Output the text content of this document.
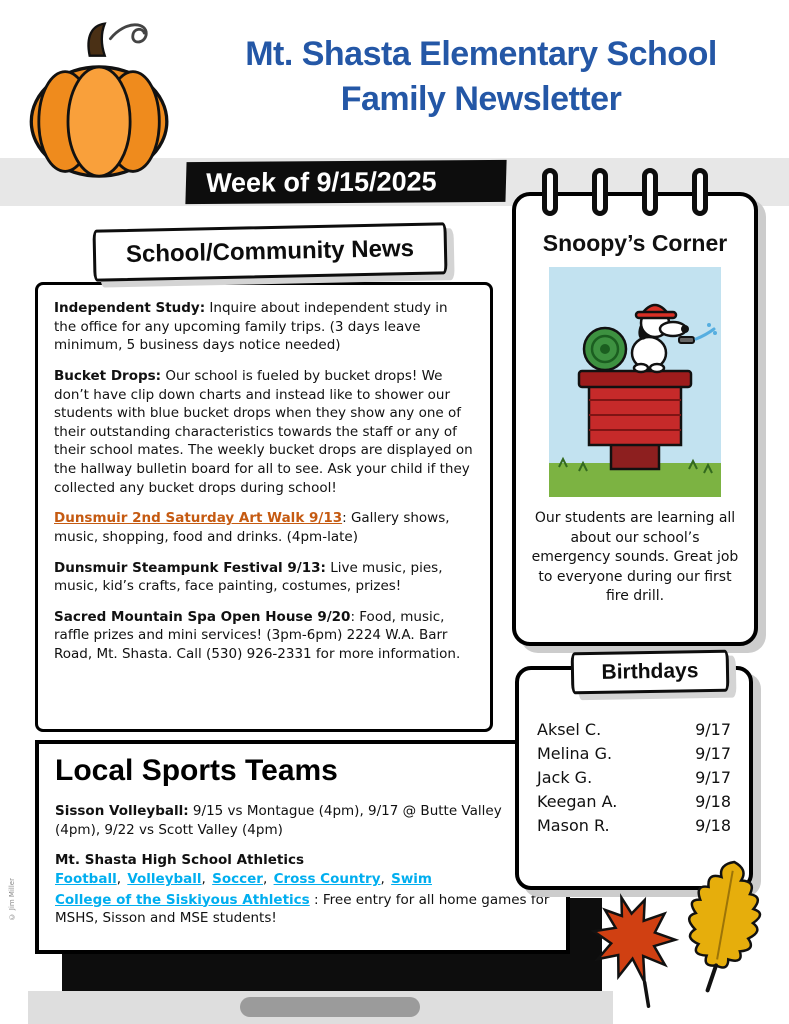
Mt. Shasta Elementary School
Family Newsletter
Week of 9/15/2025
School/Community News

Independent Study: Inquire about independent study in the office for any upcoming family trips. (3 days leave minimum, 5 business days notice needed)

Bucket Drops: Our school is fueled by bucket drops! We don’t have clip down charts and instead like to shower our students with blue bucket drops when they show any one of their outstanding characteristics towards the staff or any of their school mates. The weekly bucket drops are displayed on the hallway bulletin board for all to see. Ask your child if they collected any bucket drops during school!

Dunsmuir 2nd Saturday Art Walk 9/13: Gallery shows, music, shopping, food and drinks. (4pm-late)

Dunsmuir Steampunk Festival 9/13: Live music, pies, music, kid’s crafts, face painting, costumes, prizes!

Sacred Mountain Spa Open House 9/20: Food, music, raffle prizes and mini services! (3pm-6pm) 2224 W.A. Barr Road, Mt. Shasta. Call (530) 926-2331 for more information.

Local Sports Teams

Sisson Volleyball: 9/15 vs Montague (4pm), 9/17 @ Butte Valley (4pm), 9/22 vs Scott Valley (4pm)

Mt. Shasta High School Athletics

Football, Volleyball, Soccer, Cross Country, Swim

College of the Siskiyous Athletics : Free entry for all home games for MSHS, Sisson and MSE students!

Snoopy’s Corner
Our students are learning all about our school’s emergency sounds. Great job to everyone during our first fire drill.
Aksel C.	9/17
Melina G.	9/17
Jack G.	9/17
Keegan A.	9/18
Mason R.	9/18
Birthdays
© Jim Miller
